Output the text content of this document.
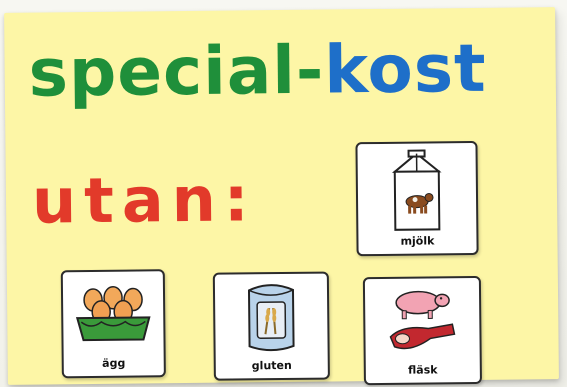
special-kost
utan:
mjölk
ägg	gluten	fläsk
